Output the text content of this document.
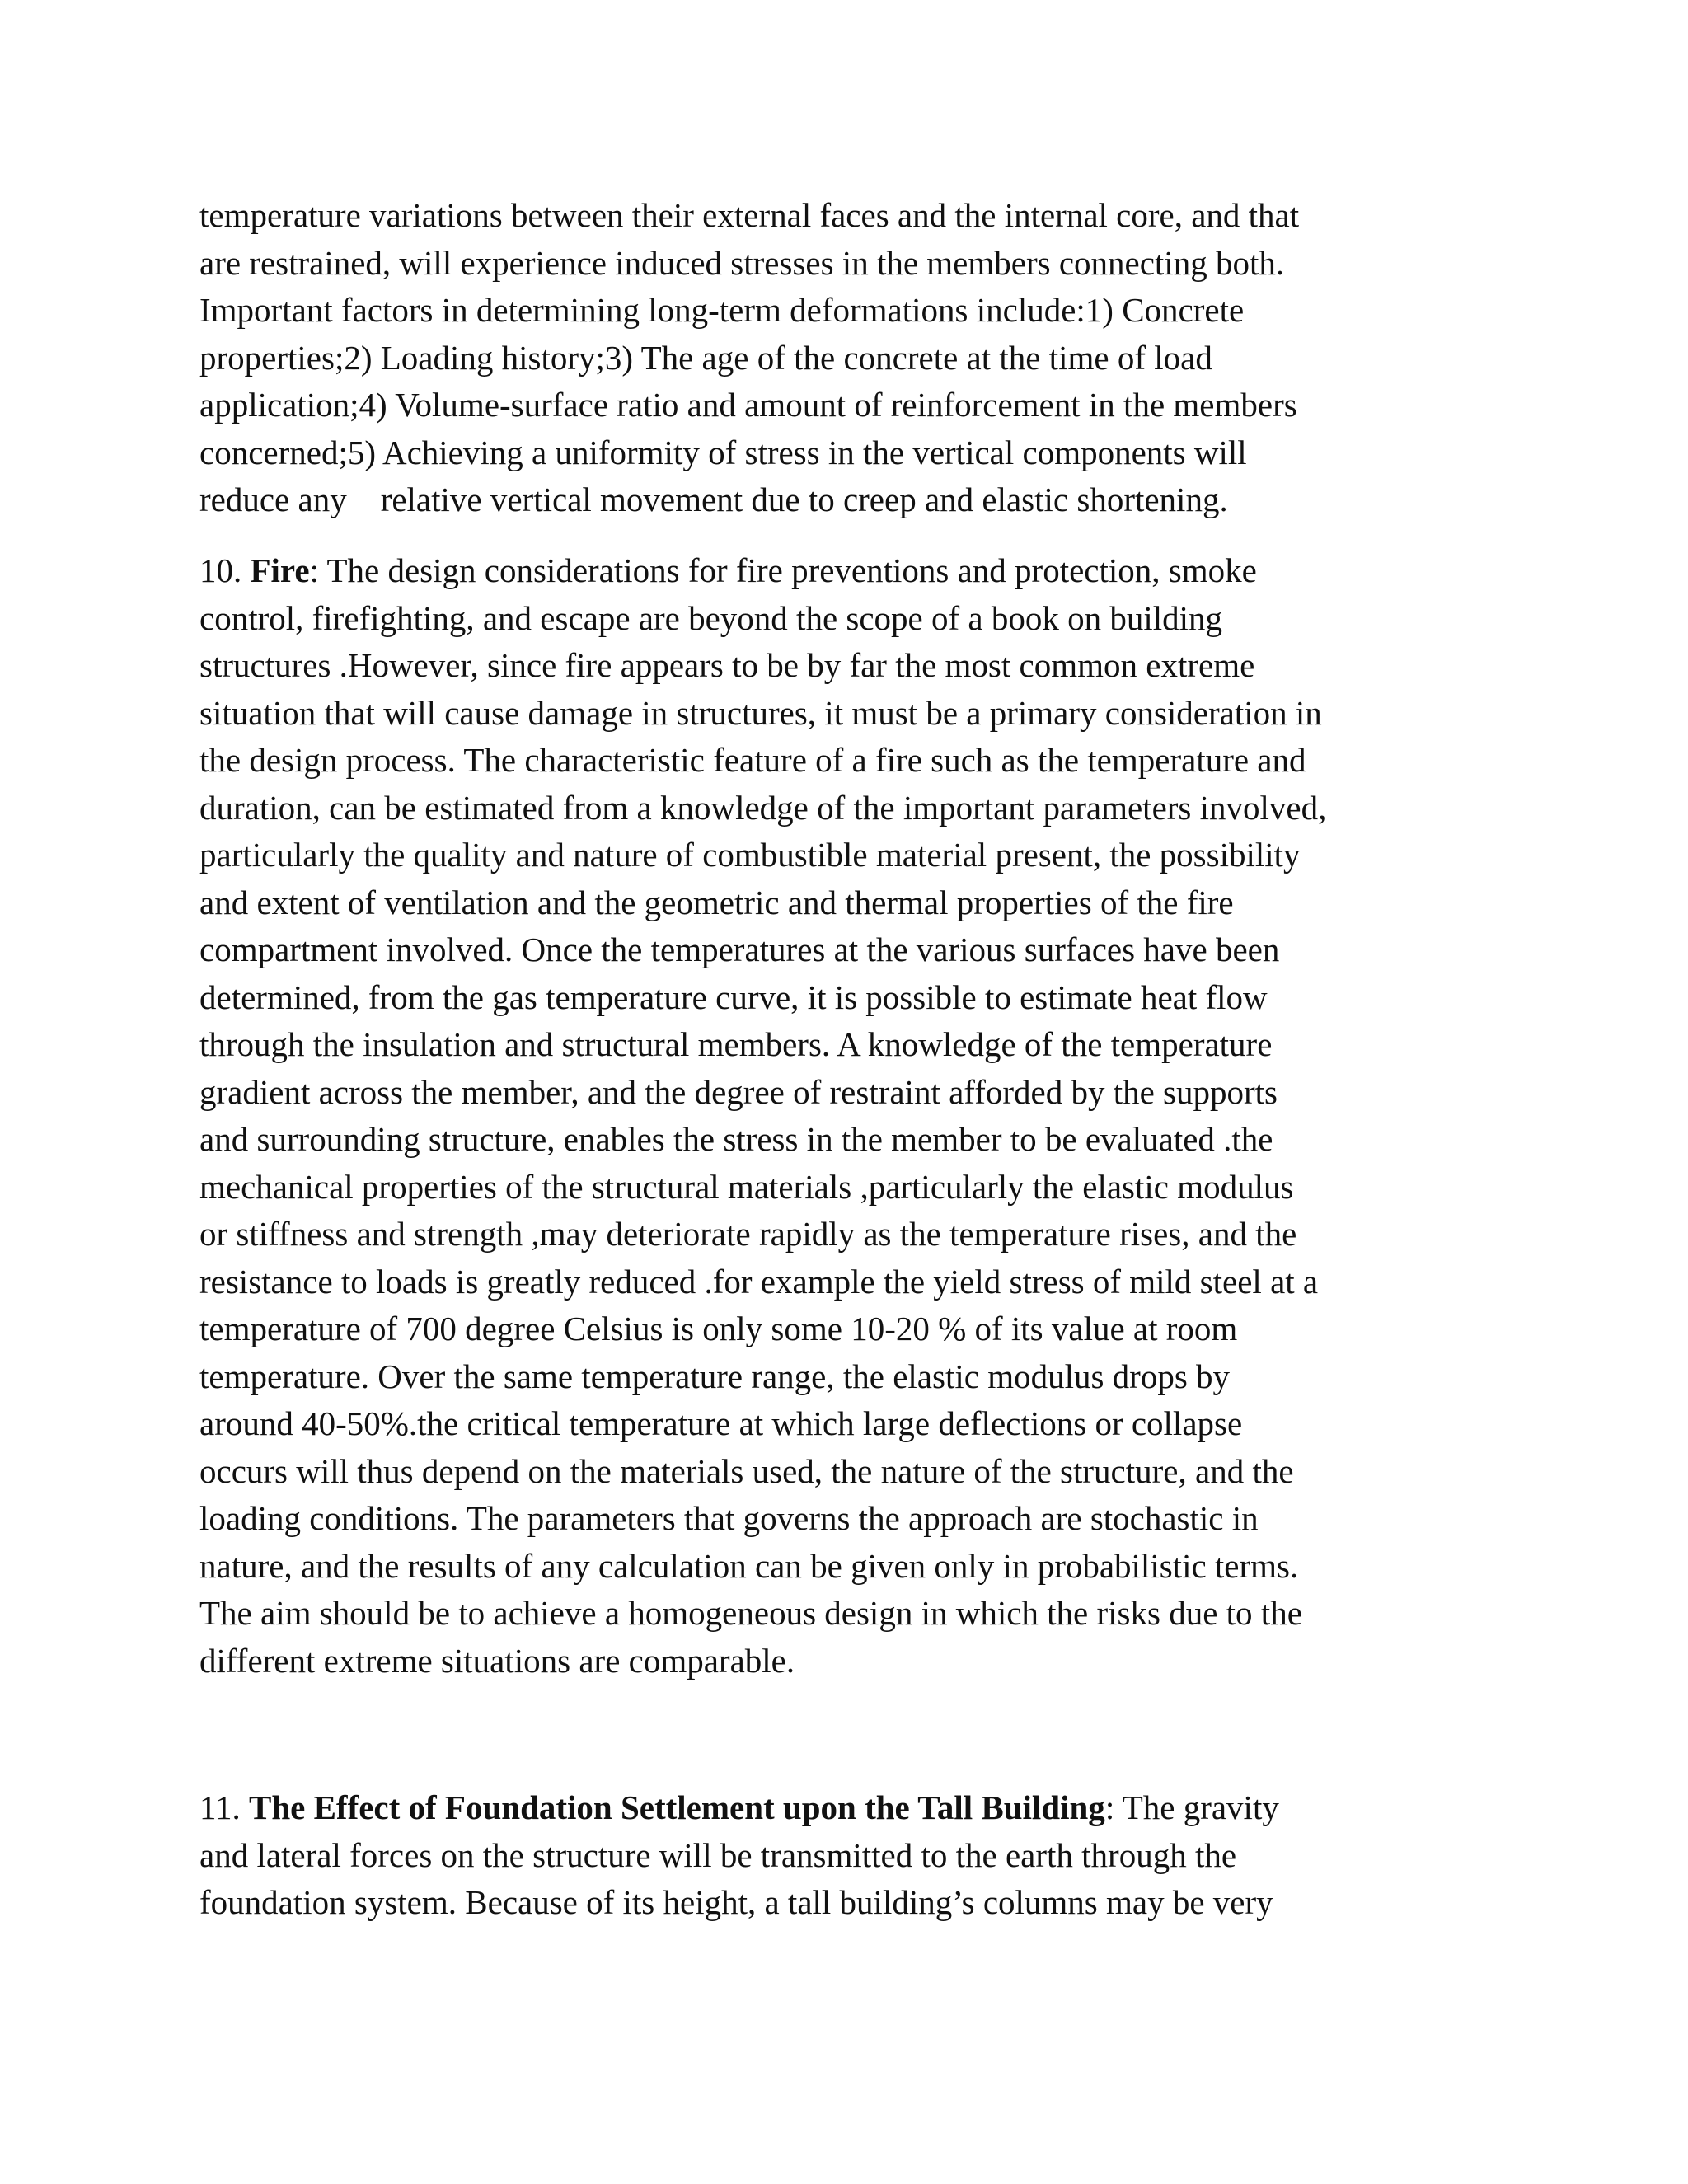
temperature variations between their external faces and the internal core, and that
are restrained, will experience induced stresses in the members connecting both.
Important factors in determining long-term deformations include:1) Concrete
properties;2) Loading history;3) The age of the concrete at the time of load
application;4) Volume-surface ratio and amount of reinforcement in the members
concerned;5) Achieving a uniformity of stress in the vertical components will
reduce any    relative vertical movement due to creep and elastic shortening.
10. Fire: The design considerations for fire preventions and protection, smoke
control, firefighting, and escape are beyond the scope of a book on building
structures .However, since fire appears to be by far the most common extreme
situation that will cause damage in structures, it must be a primary consideration in
the design process. The characteristic feature of a fire such as the temperature and
duration, can be estimated from a knowledge of the important parameters involved,
particularly the quality and nature of combustible material present, the possibility
and extent of ventilation and the geometric and thermal properties of the fire
compartment involved. Once the temperatures at the various surfaces have been
determined, from the gas temperature curve, it is possible to estimate heat flow
through the insulation and structural members. A knowledge of the temperature
gradient across the member, and the degree of restraint afforded by the supports
and surrounding structure, enables the stress in the member to be evaluated .the
mechanical properties of the structural materials ,particularly the elastic modulus
or stiffness and strength ,may deteriorate rapidly as the temperature rises, and the
resistance to loads is greatly reduced .for example the yield stress of mild steel at a
temperature of 700 degree Celsius is only some 10-20 % of its value at room
temperature. Over the same temperature range, the elastic modulus drops by
around 40-50%.the critical temperature at which large deflections or collapse
occurs will thus depend on the materials used, the nature of the structure, and the
loading conditions. The parameters that governs the approach are stochastic in
nature, and the results of any calculation can be given only in probabilistic terms.
The aim should be to achieve a homogeneous design in which the risks due to the
different extreme situations are comparable.
11. The Effect of Foundation Settlement upon the Tall Building: The gravity
and lateral forces on the structure will be transmitted to the earth through the
foundation system. Because of its height, a tall building’s columns may be very
